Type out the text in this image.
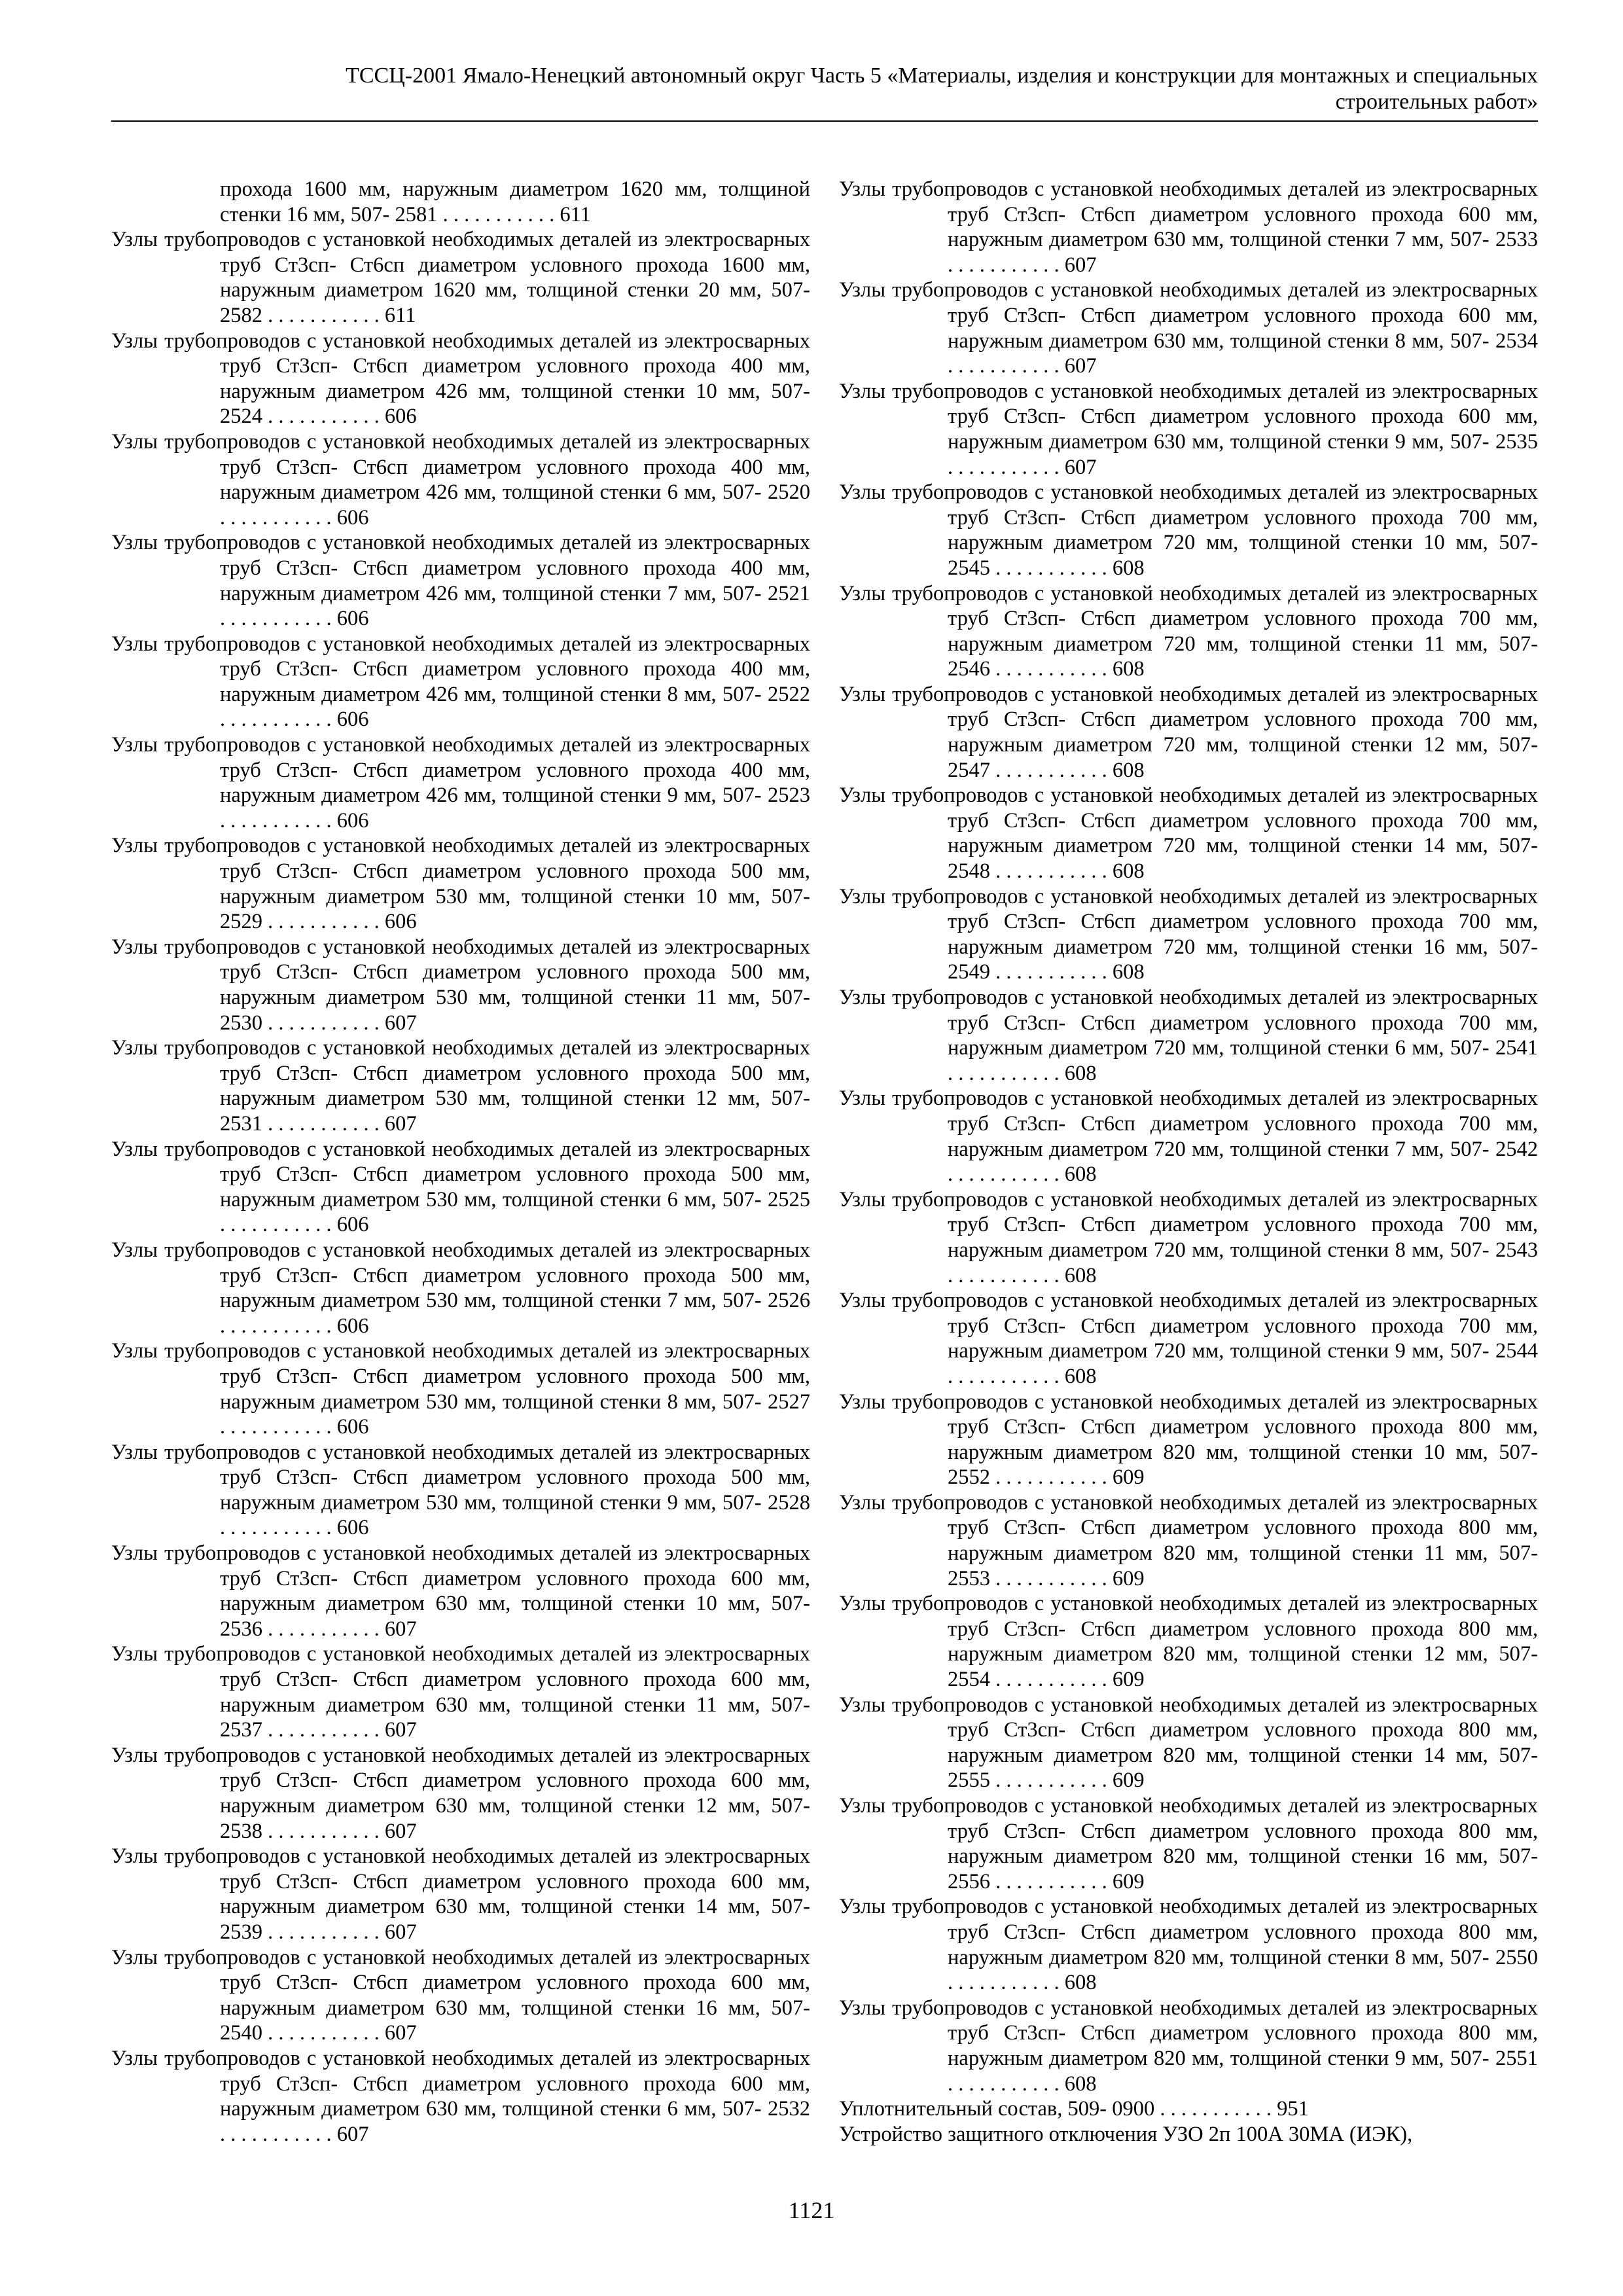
ТССЦ-2001 Ямало-Ненецкий автономный округ Часть 5 «Материалы, изделия и конструкции для монтажных и специальных
строительных работ»

прохода 1600 мм, наружным диаметром 1620 мм, толщиной стенки 16 мм, 507- 2581 . . . . . . . . . . . 611

Узлы трубопроводов с установкой необходимых деталей из электросварных труб Ст3сп- Ст6сп диаметром условного прохода 1600 мм, наружным диаметром 1620 мм, толщиной стенки 20 мм, 507- 2582 . . . . . . . . . . . 611

Узлы трубопроводов с установкой необходимых деталей из электросварных труб Ст3сп- Ст6сп диаметром условного прохода 400 мм, наружным диаметром 426 мм, толщиной стенки 10 мм, 507- 2524 . . . . . . . . . . . 606

Узлы трубопроводов с установкой необходимых деталей из электросварных труб Ст3сп- Ст6сп диаметром условного прохода 400 мм, наружным диаметром 426 мм, толщиной стенки 6 мм, 507- 2520 . . . . . . . . . . . 606

Узлы трубопроводов с установкой необходимых деталей из электросварных труб Ст3сп- Ст6сп диаметром условного прохода 400 мм, наружным диаметром 426 мм, толщиной стенки 7 мм, 507- 2521 . . . . . . . . . . . 606

Узлы трубопроводов с установкой необходимых деталей из электросварных труб Ст3сп- Ст6сп диаметром условного прохода 400 мм, наружным диаметром 426 мм, толщиной стенки 8 мм, 507- 2522 . . . . . . . . . . . 606

Узлы трубопроводов с установкой необходимых деталей из электросварных труб Ст3сп- Ст6сп диаметром условного прохода 400 мм, наружным диаметром 426 мм, толщиной стенки 9 мм, 507- 2523 . . . . . . . . . . . 606

Узлы трубопроводов с установкой необходимых деталей из электросварных труб Ст3сп- Ст6сп диаметром условного прохода 500 мм, наружным диаметром 530 мм, толщиной стенки 10 мм, 507- 2529 . . . . . . . . . . . 606

Узлы трубопроводов с установкой необходимых деталей из электросварных труб Ст3сп- Ст6сп диаметром условного прохода 500 мм, наружным диаметром 530 мм, толщиной стенки 11 мм, 507- 2530 . . . . . . . . . . . 607

Узлы трубопроводов с установкой необходимых деталей из электросварных труб Ст3сп- Ст6сп диаметром условного прохода 500 мм, наружным диаметром 530 мм, толщиной стенки 12 мм, 507- 2531 . . . . . . . . . . . 607

Узлы трубопроводов с установкой необходимых деталей из электросварных труб Ст3сп- Ст6сп диаметром условного прохода 500 мм, наружным диаметром 530 мм, толщиной стенки 6 мм, 507- 2525 . . . . . . . . . . . 606

Узлы трубопроводов с установкой необходимых деталей из электросварных труб Ст3сп- Ст6сп диаметром условного прохода 500 мм, наружным диаметром 530 мм, толщиной стенки 7 мм, 507- 2526 . . . . . . . . . . . 606

Узлы трубопроводов с установкой необходимых деталей из электросварных труб Ст3сп- Ст6сп диаметром условного прохода 500 мм, наружным диаметром 530 мм, толщиной стенки 8 мм, 507- 2527 . . . . . . . . . . . 606

Узлы трубопроводов с установкой необходимых деталей из электросварных труб Ст3сп- Ст6сп диаметром условного прохода 500 мм, наружным диаметром 530 мм, толщиной стенки 9 мм, 507- 2528 . . . . . . . . . . . 606

Узлы трубопроводов с установкой необходимых деталей из электросварных труб Ст3сп- Ст6сп диаметром условного прохода 600 мм, наружным диаметром 630 мм, толщиной стенки 10 мм, 507- 2536 . . . . . . . . . . . 607

Узлы трубопроводов с установкой необходимых деталей из электросварных труб Ст3сп- Ст6сп диаметром условного прохода 600 мм, наружным диаметром 630 мм, толщиной стенки 11 мм, 507- 2537 . . . . . . . . . . . 607

Узлы трубопроводов с установкой необходимых деталей из электросварных труб Ст3сп- Ст6сп диаметром условного прохода 600 мм, наружным диаметром 630 мм, толщиной стенки 12 мм, 507- 2538 . . . . . . . . . . . 607

Узлы трубопроводов с установкой необходимых деталей из электросварных труб Ст3сп- Ст6сп диаметром условного прохода 600 мм, наружным диаметром 630 мм, толщиной стенки 14 мм, 507- 2539 . . . . . . . . . . . 607

Узлы трубопроводов с установкой необходимых деталей из электросварных труб Ст3сп- Ст6сп диаметром условного прохода 600 мм, наружным диаметром 630 мм, толщиной стенки 16 мм, 507- 2540 . . . . . . . . . . . 607

Узлы трубопроводов с установкой необходимых деталей из электросварных труб Ст3сп- Ст6сп диаметром условного прохода 600 мм, наружным диаметром 630 мм, толщиной стенки 6 мм, 507- 2532 . . . . . . . . . . . 607

Узлы трубопроводов с установкой необходимых деталей из электросварных труб Ст3сп- Ст6сп диаметром условного прохода 600 мм, наружным диаметром 630 мм, толщиной стенки 7 мм, 507- 2533 . . . . . . . . . . . 607

Узлы трубопроводов с установкой необходимых деталей из электросварных труб Ст3сп- Ст6сп диаметром условного прохода 600 мм, наружным диаметром 630 мм, толщиной стенки 8 мм, 507- 2534 . . . . . . . . . . . 607

Узлы трубопроводов с установкой необходимых деталей из электросварных труб Ст3сп- Ст6сп диаметром условного прохода 600 мм, наружным диаметром 630 мм, толщиной стенки 9 мм, 507- 2535 . . . . . . . . . . . 607

Узлы трубопроводов с установкой необходимых деталей из электросварных труб Ст3сп- Ст6сп диаметром условного прохода 700 мм, наружным диаметром 720 мм, толщиной стенки 10 мм, 507- 2545 . . . . . . . . . . . 608

Узлы трубопроводов с установкой необходимых деталей из электросварных труб Ст3сп- Ст6сп диаметром условного прохода 700 мм, наружным диаметром 720 мм, толщиной стенки 11 мм, 507- 2546 . . . . . . . . . . . 608

Узлы трубопроводов с установкой необходимых деталей из электросварных труб Ст3сп- Ст6сп диаметром условного прохода 700 мм, наружным диаметром 720 мм, толщиной стенки 12 мм, 507- 2547 . . . . . . . . . . . 608

Узлы трубопроводов с установкой необходимых деталей из электросварных труб Ст3сп- Ст6сп диаметром условного прохода 700 мм, наружным диаметром 720 мм, толщиной стенки 14 мм, 507- 2548 . . . . . . . . . . . 608

Узлы трубопроводов с установкой необходимых деталей из электросварных труб Ст3сп- Ст6сп диаметром условного прохода 700 мм, наружным диаметром 720 мм, толщиной стенки 16 мм, 507- 2549 . . . . . . . . . . . 608

Узлы трубопроводов с установкой необходимых деталей из электросварных труб Ст3сп- Ст6сп диаметром условного прохода 700 мм, наружным диаметром 720 мм, толщиной стенки 6 мм, 507- 2541 . . . . . . . . . . . 608

Узлы трубопроводов с установкой необходимых деталей из электросварных труб Ст3сп- Ст6сп диаметром условного прохода 700 мм, наружным диаметром 720 мм, толщиной стенки 7 мм, 507- 2542 . . . . . . . . . . . 608

Узлы трубопроводов с установкой необходимых деталей из электросварных труб Ст3сп- Ст6сп диаметром условного прохода 700 мм, наружным диаметром 720 мм, толщиной стенки 8 мм, 507- 2543 . . . . . . . . . . . 608

Узлы трубопроводов с установкой необходимых деталей из электросварных труб Ст3сп- Ст6сп диаметром условного прохода 700 мм, наружным диаметром 720 мм, толщиной стенки 9 мм, 507- 2544 . . . . . . . . . . . 608

Узлы трубопроводов с установкой необходимых деталей из электросварных труб Ст3сп- Ст6сп диаметром условного прохода 800 мм, наружным диаметром 820 мм, толщиной стенки 10 мм, 507- 2552 . . . . . . . . . . . 609

Узлы трубопроводов с установкой необходимых деталей из электросварных труб Ст3сп- Ст6сп диаметром условного прохода 800 мм, наружным диаметром 820 мм, толщиной стенки 11 мм, 507- 2553 . . . . . . . . . . . 609

Узлы трубопроводов с установкой необходимых деталей из электросварных труб Ст3сп- Ст6сп диаметром условного прохода 800 мм, наружным диаметром 820 мм, толщиной стенки 12 мм, 507- 2554 . . . . . . . . . . . 609

Узлы трубопроводов с установкой необходимых деталей из электросварных труб Ст3сп- Ст6сп диаметром условного прохода 800 мм, наружным диаметром 820 мм, толщиной стенки 14 мм, 507- 2555 . . . . . . . . . . . 609

Узлы трубопроводов с установкой необходимых деталей из электросварных труб Ст3сп- Ст6сп диаметром условного прохода 800 мм, наружным диаметром 820 мм, толщиной стенки 16 мм, 507- 2556 . . . . . . . . . . . 609

Узлы трубопроводов с установкой необходимых деталей из электросварных труб Ст3сп- Ст6сп диаметром условного прохода 800 мм, наружным диаметром 820 мм, толщиной стенки 8 мм, 507- 2550 . . . . . . . . . . . 608

Узлы трубопроводов с установкой необходимых деталей из электросварных труб Ст3сп- Ст6сп диаметром условного прохода 800 мм, наружным диаметром 820 мм, толщиной стенки 9 мм, 507- 2551 . . . . . . . . . . . 608

Уплотнительный состав, 509- 0900 . . . . . . . . . . . 951

Устройство защитного отключения УЗО 2п 100А 30МА (ИЭК),

1121
